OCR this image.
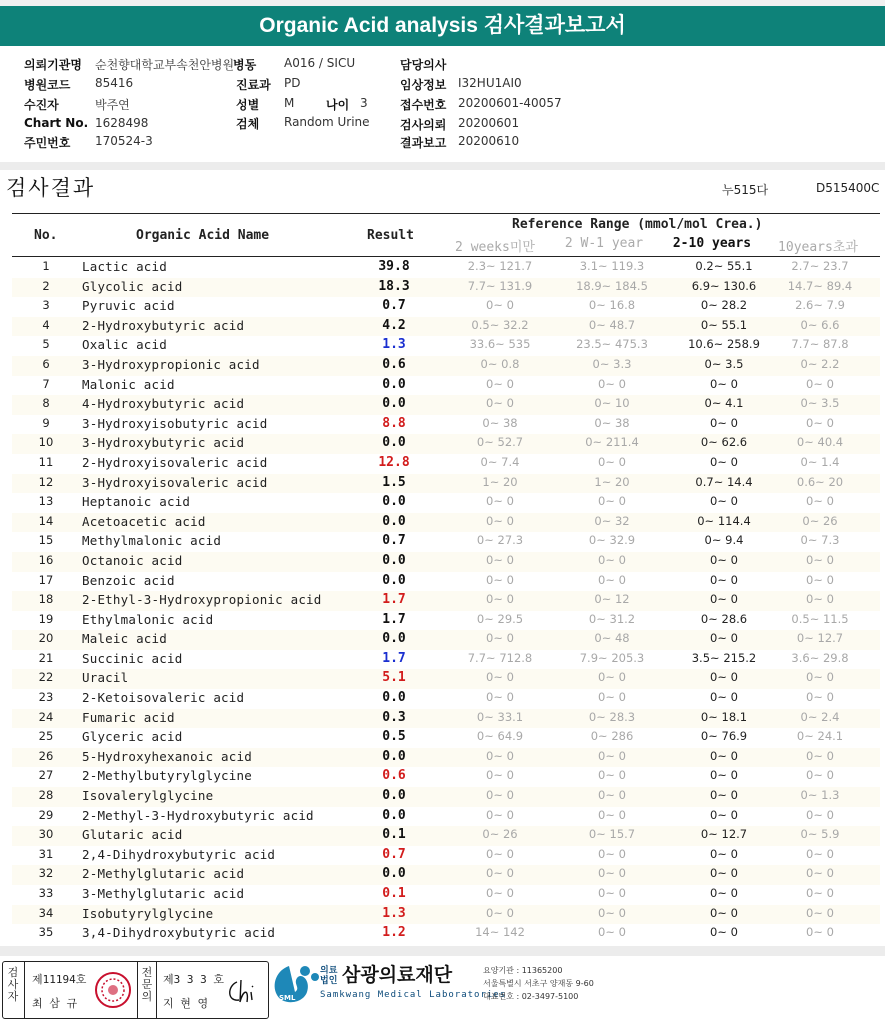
Organic Acid analysis 검사결과보고서
의뢰기관명 순천향대학교부속천안병원
병동 A016 / SICU	담당의사
병원코드 85416	진료과 PD	임상정보 I32HU1AI0
수진자	박주연	성별 M	나이 3	접수번호 20200601-40057
Chart No. 1628498	검체 Random Urine	검사의뢰 20200601
주민번호 170524-3	결과보고 20200610
검사결과	누515다	D515400C
No.	Organic Acid Name	Result
Reference Range (mmol/mol Crea.)
2 weeks미만	2 W-1 year	2-10 years	10years초과
1	Lactic acid	39.8	2.3~ 121.7	3.1~ 119.3	0.2~ 55.1	2.7~ 23.7
2	Glycolic acid	18.3	7.7~ 131.9	18.9~ 184.5	6.9~ 130.6	14.7~ 89.4
3	Pyruvic acid	0.7	0~ 0	0~ 16.8	0~ 28.2	2.6~ 7.9
4	2-Hydroxybutyric acid	4.2	0.5~ 32.2	0~ 48.7	0~ 55.1	0~ 6.6
5	Oxalic acid	1.3	33.6~ 535	23.5~ 475.3	10.6~ 258.9	7.7~ 87.8
6	3-Hydroxypropionic acid	0.6	0~ 0.8	0~ 3.3	0~ 3.5	0~ 2.2
7	Malonic acid	0.0	0~ 0	0~ 0	0~ 0	0~ 0
8	4-Hydroxybutyric acid	0.0	0~ 0	0~ 10	0~ 4.1	0~ 3.5
9	3-Hydroxyisobutyric acid	8.8	0~ 38	0~ 38	0~ 0	0~ 0
10	3-Hydroxybutyric acid	0.0	0~ 52.7	0~ 211.4	0~ 62.6	0~ 40.4
11	2-Hydroxyisovaleric acid	12.8	0~ 7.4	0~ 0	0~ 0	0~ 1.4
12	3-Hydroxyisovaleric acid	1.5	1~ 20	1~ 20	0.7~ 14.4	0.6~ 20
13	Heptanoic acid	0.0	0~ 0	0~ 0	0~ 0	0~ 0
14	Acetoacetic acid	0.0	0~ 0	0~ 32	0~ 114.4	0~ 26
15	Methylmalonic acid	0.7	0~ 27.3	0~ 32.9	0~ 9.4	0~ 7.3
16	Octanoic acid	0.0	0~ 0	0~ 0	0~ 0	0~ 0
17	Benzoic acid	0.0	0~ 0	0~ 0	0~ 0	0~ 0
18	2-Ethyl-3-Hydroxypropionic acid	1.7	0~ 0	0~ 12	0~ 0	0~ 0
19	Ethylmalonic acid	1.7	0~ 29.5	0~ 31.2	0~ 28.6	0.5~ 11.5
20	Maleic acid	0.0	0~ 0	0~ 48	0~ 0	0~ 12.7
21	Succinic acid	1.7	7.7~ 712.8	7.9~ 205.3	3.5~ 215.2	3.6~ 29.8
22	Uracil	5.1	0~ 0	0~ 0	0~ 0	0~ 0
23	2-Ketoisovaleric acid	0.0	0~ 0	0~ 0	0~ 0	0~ 0
24	Fumaric acid	0.3	0~ 33.1	0~ 28.3	0~ 18.1	0~ 2.4
25	Glyceric acid	0.5	0~ 64.9	0~ 286	0~ 76.9	0~ 24.1
26	5-Hydroxyhexanoic acid	0.0	0~ 0	0~ 0	0~ 0	0~ 0
27	2-Methylbutyrylglycine	0.6	0~ 0	0~ 0	0~ 0	0~ 0
28	Isovalerylglycine	0.0	0~ 0	0~ 0	0~ 0	0~ 1.3
29	2-Methyl-3-Hydroxybutyric acid	0.0	0~ 0	0~ 0	0~ 0	0~ 0
30	Glutaric acid	0.1	0~ 26	0~ 15.7	0~ 12.7	0~ 5.9
31	2,4-Dihydroxybutyric acid	0.7	0~ 0	0~ 0	0~ 0	0~ 0
32	2-Methylglutaric acid	0.0	0~ 0	0~ 0	0~ 0	0~ 0
33	3-Methylglutaric acid	0.1	0~ 0	0~ 0	0~ 0	0~ 0
34	Isobutyrylglycine	1.3	0~ 0	0~ 0	0~ 0	0~ 0
35	3,4-Dihydroxybutyric acid	1.2	14~ 142	0~ 0	0~ 0	0~ 0
검사자
제11194호
최 삼 규
전문의
제3 3 3 호
지 현 영	SML
의료
법인 삼광의료재단
Samkwang Medical Laboratories
요양기관 : 11365200
서울특별시 서초구 양재동 9-60
대표번호 : 02-3497-5100
